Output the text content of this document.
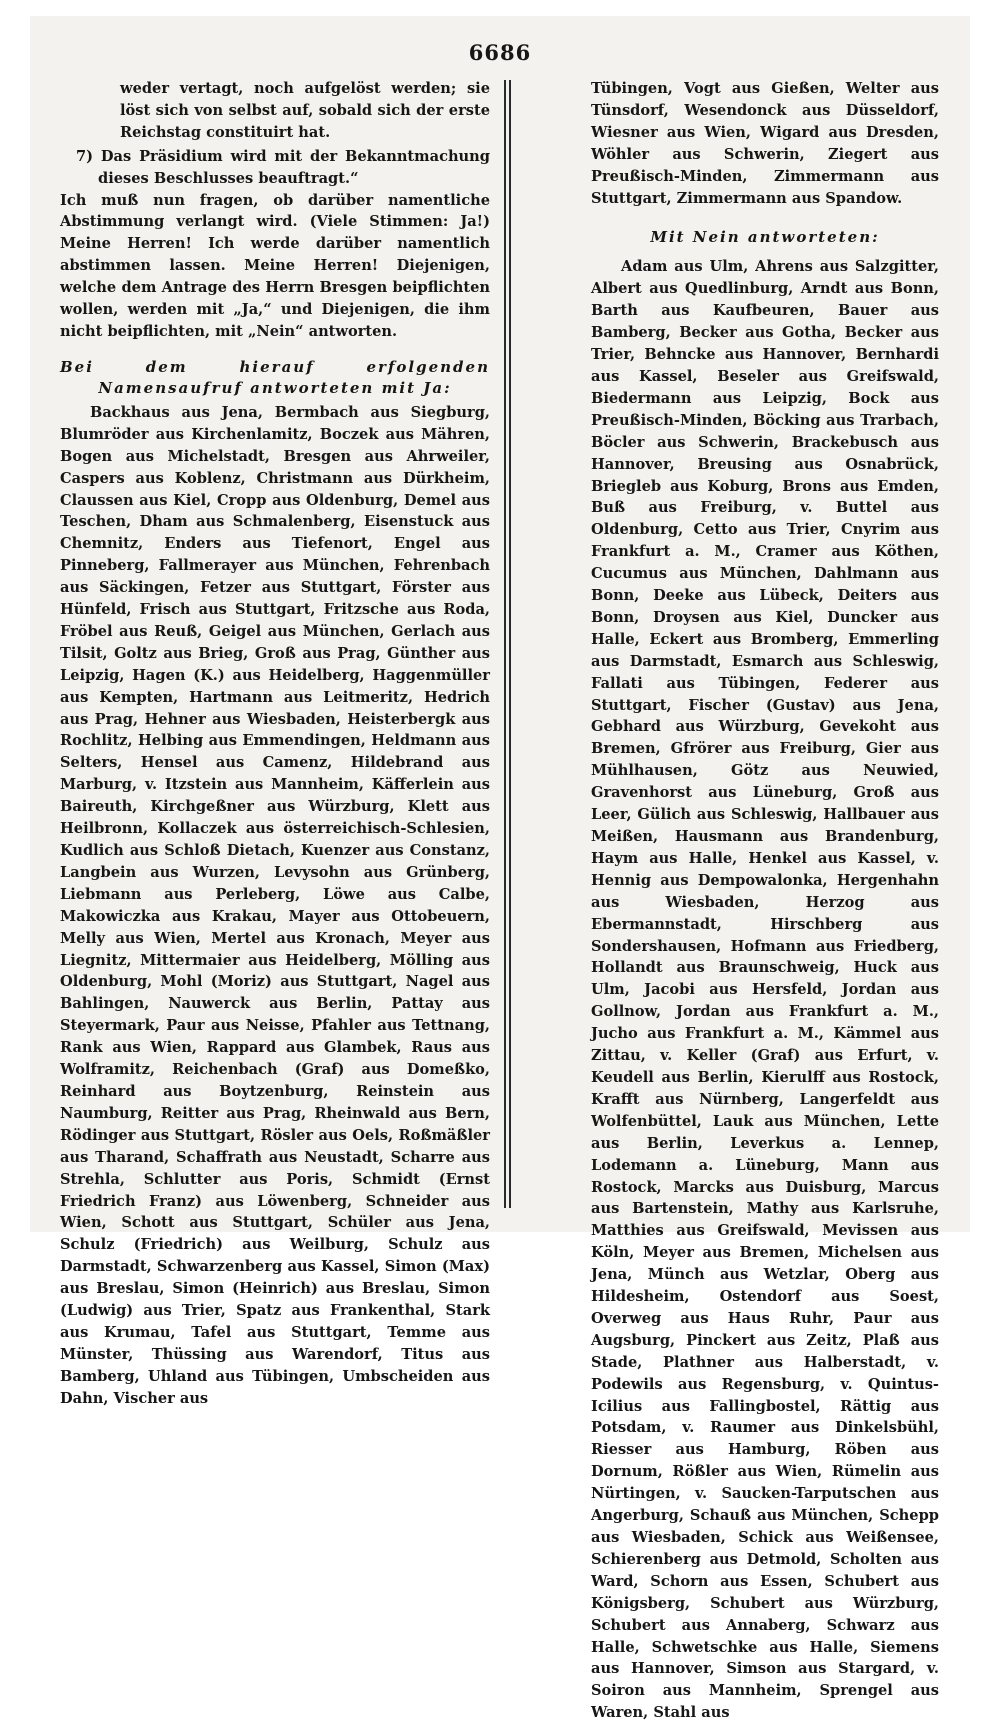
6686

weder vertagt, noch aufgelöst werden; sie löst sich von selbst auf, sobald sich der erste Reichstag constituirt hat.

7) Das Präsidium wird mit der Bekanntmachung dieses Beschlusses beauftragt.“

Ich muß nun fragen, ob darüber namentliche Abstimmung verlangt wird. (Viele Stimmen: Ja!) Meine Herren! Ich werde darüber namentlich abstimmen lassen. Meine Herren! Diejenigen, welche dem Antrage des Herrn Bresgen beipflichten wollen, werden mit „Ja,“ und Diejenigen, die ihm nicht beipflichten, mit „Nein“ antworten.

Bei dem hierauf erfolgenden Namensaufruf antworteten mit Ja:

Backhaus aus Jena, Bermbach aus Siegburg, Blumröder aus Kirchenlamitz, Boczek aus Mähren, Bogen aus Michelstadt, Bresgen aus Ahrweiler, Caspers aus Koblenz, Christmann aus Dürkheim, Claussen aus Kiel, Cropp aus Oldenburg, Demel aus Teschen, Dham aus Schmalenberg, Eisenstuck aus Chemnitz, Enders aus Tiefenort, Engel aus Pinneberg, Fallmerayer aus München, Fehrenbach aus Säckingen, Fetzer aus Stuttgart, Förster aus Hünfeld, Frisch aus Stuttgart, Fritzsche aus Roda, Fröbel aus Reuß, Geigel aus München, Gerlach aus Tilsit, Goltz aus Brieg, Groß aus Prag, Günther aus Leipzig, Hagen (K.) aus Heidelberg, Haggenmüller aus Kempten, Hartmann aus Leitmeritz, Hedrich aus Prag, Hehner aus Wiesbaden, Heisterbergk aus Rochlitz, Helbing aus Emmendingen, Heldmann aus Selters, Hensel aus Camenz, Hildebrand aus Marburg, v. Itzstein aus Mannheim, Käfferlein aus Baireuth, Kirchgeßner aus Würzburg, Klett aus Heilbronn, Kollaczek aus österreichisch-Schlesien, Kudlich aus Schloß Dietach, Kuenzer aus Constanz, Langbein aus Wurzen, Levysohn aus Grünberg, Liebmann aus Perleberg, Löwe aus Calbe, Makowiczka aus Krakau, Mayer aus Ottobeuern, Melly aus Wien, Mertel aus Kronach, Meyer aus Liegnitz, Mittermaier aus Heidelberg, Mölling aus Oldenburg, Mohl (Moriz) aus Stuttgart, Nagel aus Bahlingen, Nauwerck aus Berlin, Pattay aus Steyermark, Paur aus Neisse, Pfahler aus Tettnang, Rank aus Wien, Rappard aus Glambek, Raus aus Wolframitz, Reichenbach (Graf) aus Domeßko, Reinhard aus Boytzenburg, Reinstein aus Naumburg, Reitter aus Prag, Rheinwald aus Bern, Rödinger aus Stuttgart, Rösler aus Oels, Roßmäßler aus Tharand, Schaffrath aus Neustadt, Scharre aus Strehla, Schlutter aus Poris, Schmidt (Ernst Friedrich Franz) aus Löwenberg, Schneider aus Wien, Schott aus Stuttgart, Schüler aus Jena, Schulz (Friedrich) aus Weilburg, Schulz aus Darmstadt, Schwarzenberg aus Kassel, Simon (Max) aus Breslau, Simon (Heinrich) aus Breslau, Simon (Ludwig) aus Trier, Spatz aus Frankenthal, Stark aus Krumau, Tafel aus Stuttgart, Temme aus Münster, Thüssing aus Warendorf, Titus aus Bamberg, Uhland aus Tübingen, Umbscheiden aus Dahn, Vischer aus

Tübingen, Vogt aus Gießen, Welter aus Tünsdorf, Wesendonck aus Düsseldorf, Wiesner aus Wien, Wigard aus Dresden, Wöhler aus Schwerin, Ziegert aus Preußisch-Minden, Zimmermann aus Stuttgart, Zimmermann aus Spandow.

Mit Nein antworteten:

Adam aus Ulm, Ahrens aus Salzgitter, Albert aus Quedlinburg, Arndt aus Bonn, Barth aus Kaufbeuren, Bauer aus Bamberg, Becker aus Gotha, Becker aus Trier, Behncke aus Hannover, Bernhardi aus Kassel, Beseler aus Greifswald, Biedermann aus Leipzig, Bock aus Preußisch-Minden, Böcking aus Trarbach, Böcler aus Schwerin, Brackebusch aus Hannover, Breusing aus Osnabrück, Briegleb aus Koburg, Brons aus Emden, Buß aus Freiburg, v. Buttel aus Oldenburg, Cetto aus Trier, Cnyrim aus Frankfurt a. M., Cramer aus Köthen, Cucumus aus München, Dahlmann aus Bonn, Deeke aus Lübeck, Deiters aus Bonn, Droysen aus Kiel, Duncker aus Halle, Eckert aus Bromberg, Emmerling aus Darmstadt, Esmarch aus Schleswig, Fallati aus Tübingen, Federer aus Stuttgart, Fischer (Gustav) aus Jena, Gebhard aus Würzburg, Gevekoht aus Bremen, Gfrörer aus Freiburg, Gier aus Mühlhausen, Götz aus Neuwied, Gravenhorst aus Lüneburg, Groß aus Leer, Gülich aus Schleswig, Hallbauer aus Meißen, Hausmann aus Brandenburg, Haym aus Halle, Henkel aus Kassel, v. Hennig aus Dempowalonka, Hergenhahn aus Wiesbaden, Herzog aus Ebermannstadt, Hirschberg aus Sondershausen, Hofmann aus Friedberg, Hollandt aus Braunschweig, Huck aus Ulm, Jacobi aus Hersfeld, Jordan aus Gollnow, Jordan aus Frankfurt a. M., Jucho aus Frankfurt a. M., Kämmel aus Zittau, v. Keller (Graf) aus Erfurt, v. Keudell aus Berlin, Kierulff aus Rostock, Krafft aus Nürnberg, Langerfeldt aus Wolfenbüttel, Lauk aus München, Lette aus Berlin, Leverkus a. Lennep, Lodemann a. Lüneburg, Mann aus Rostock, Marcks aus Duisburg, Marcus aus Bartenstein, Mathy aus Karlsruhe, Matthies aus Greifswald, Mevissen aus Köln, Meyer aus Bremen, Michelsen aus Jena, Münch aus Wetzlar, Oberg aus Hildesheim, Ostendorf aus Soest, Overweg aus Haus Ruhr, Paur aus Augsburg, Pinckert aus Zeitz, Plaß aus Stade, Plathner aus Halberstadt, v. Podewils aus Regensburg, v. Quintus-Icilius aus Fallingbostel, Rättig aus Potsdam, v. Raumer aus Dinkelsbühl, Riesser aus Hamburg, Röben aus Dornum, Rößler aus Wien, Rümelin aus Nürtingen, v. Saucken-Tarputschen aus Angerburg, Schauß aus München, Schepp aus Wiesbaden, Schick aus Weißensee, Schierenberg aus Detmold, Scholten aus Ward, Schorn aus Essen, Schubert aus Königsberg, Schubert aus Würzburg, Schubert aus Annaberg, Schwarz aus Halle, Schwetschke aus Halle, Siemens aus Hannover, Simson aus Stargard, v. Soiron aus Mannheim, Sprengel aus Waren, Stahl aus
